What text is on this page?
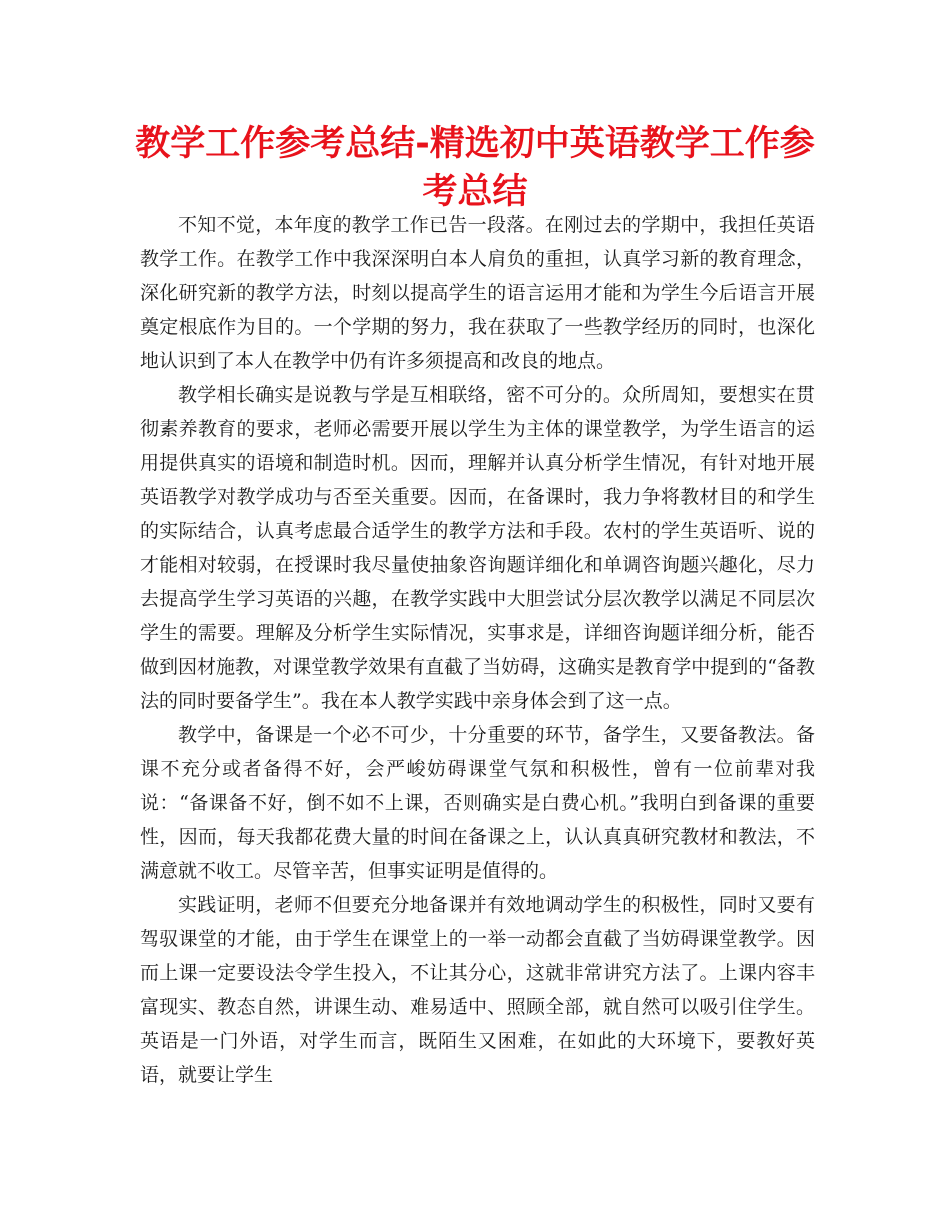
教学工作参考总结-精选初中英语教学工作参考总结

不知不觉，本年度的教学工作已告一段落。在刚过去的学期中，我担任英语教学工作。在教学工作中我深深明白本人肩负的重担，认真学习新的教育理念，深化研究新的教学方法，时刻以提高学生的语言运用才能和为学生今后语言开展奠定根底作为目的。一个学期的努力，我在获取了一些教学经历的同时，也深化地认识到了本人在教学中仍有许多须提高和改良的地点。

教学相长确实是说教与学是互相联络，密不可分的。众所周知，要想实在贯彻素养教育的要求，老师必需要开展以学生为主体的课堂教学，为学生语言的运用提供真实的语境和制造时机。因而，理解并认真分析学生情况，有针对地开展英语教学对教学成功与否至关重要。因而，在备课时，我力争将教材目的和学生的实际结合，认真考虑最合适学生的教学方法和手段。农村的学生英语听、说的才能相对较弱，在授课时我尽量使抽象咨询题详细化和单调咨询题兴趣化，尽力去提高学生学习英语的兴趣，在教学实践中大胆尝试分层次教学以满足不同层次学生的需要。理解及分析学生实际情况，实事求是，详细咨询题详细分析，能否做到因材施教，对课堂教学效果有直截了当妨碍，这确实是教育学中提到的“备教法的同时要备学生”。我在本人教学实践中亲身体会到了这一点。

教学中，备课是一个必不可少，十分重要的环节，备学生，又要备教法。备课不充分或者备得不好，会严峻妨碍课堂气氛和积极性，曾有一位前辈对我说：“备课备不好，倒不如不上课，否则确实是白费心机。”我明白到备课的重要性，因而，每天我都花费大量的时间在备课之上，认认真真研究教材和教法，不满意就不收工。尽管辛苦，但事实证明是值得的。

实践证明，老师不但要充分地备课并有效地调动学生的积极性，同时又要有驾驭课堂的才能，由于学生在课堂上的一举一动都会直截了当妨碍课堂教学。因而上课一定要设法令学生投入，不让其分心，这就非常讲究方法了。上课内容丰富现实、教态自然，讲课生动、难易适中、照顾全部，就自然可以吸引住学生。英语是一门外语，对学生而言，既陌生又困难，在如此的大环境下，要教好英语，就要让学生
